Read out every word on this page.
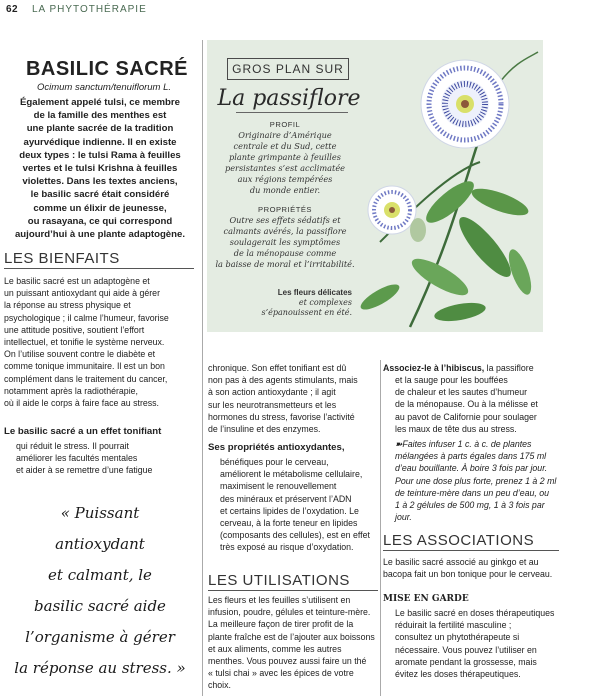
62 LA PHYTOTHÉRAPIE
BASILIC SACRÉ
Ocimum sanctum/tenuiflorum L.
Également appelé tulsi, ce membre
de la famille des menthes est
une plante sacrée de la tradition
ayurvédique indienne. Il en existe
deux types : le tulsi Rama à feuilles
vertes et le tulsi Krishna à feuilles
violettes. Dans les textes anciens,
le basilic sacré était considéré
comme un élixir de jeunesse,
ou rasayana, ce qui correspond
aujourd’hui à une plante adaptogène.
LES BIENFAITS
Le basilic sacré est un adaptogène et
un puissant antioxydant qui aide à gérer
la réponse au stress physique et
psychologique ; il calme l’humeur, favorise
une attitude positive, soutient l’effort
intellectuel, et tonifie le système nerveux.
On l’utilise souvent contre le diabète et
comme tonique immunitaire. Il est un bon
complément dans le traitement du cancer,
notamment après la radiothérapie,
où il aide le corps à faire face au stress.
Le basilic sacré a un effet tonifiant
qui réduit le stress. Il pourrait
améliorer les facultés mentales
et aider à se remettre d’une fatigue
« Puissant
antioxydant
et calmant, le
basilic sacré aide
l’organisme à gérer
la réponse au stress. »
GROS PLAN SUR
La passiflore
PROFIL
Originaire d’Amérique
centrale et du Sud, cette
plante grimpante à feuilles
persistantes s’est acclimatée
aux régions tempérées
du monde entier.
PROPRIÉTÉS
Outre ses effets sédatifs et
calmants avérés, la passiflore
soulagerait les symptômes
de la ménopause comme
la baisse de moral et l’irritabilité.
Les fleurs délicates
et complexes
s’épanouissent en été.
chronique. Son effet tonifiant est dû
non pas à des agents stimulants, mais
à son action antioxydante ; il agit
sur les neurotransmetteurs et les
hormones du stress, favorise l’activité
de l’insuline et des enzymes.
Ses propriétés antioxydantes,
bénéfiques pour le cerveau,
améliorent le métabolisme cellulaire,
maximisent le renouvellement
des minéraux et préservent l’ADN
et certains lipides de l’oxydation. Le
cerveau, à la forte teneur en lipides
(composants des cellules), est en effet
très exposé au risque d’oxydation.
LES UTILISATIONS
Les fleurs et les feuilles s’utilisent en
infusion, poudre, gélules et teinture-mère.
La meilleure façon de tirer profit de la
plante fraîche est de l’ajouter aux boissons
et aux aliments, comme les autres
menthes. Vous pouvez aussi faire un thé
« tulsi chai » avec les épices de votre choix.
Associez-le à l’hibiscus, la passiflore
et la sauge pour les bouffées
de chaleur et les sautes d’humeur
de la ménopause. Ou à la mélisse et
au pavot de Californie pour soulager
les maux de tête dus au stress.
➽Faites infuser 1 c. à c. de plantes
mélangées à parts égales dans 175 ml
d’eau bouillante. À boire 3 fois par jour.
Pour une dose plus forte, prenez 1 à 2 ml
de teinture-mère dans un peu d’eau, ou
1 à 2 gélules de 500 mg, 1 à 3 fois par jour.
LES ASSOCIATIONS
Le basilic sacré associé au ginkgo et au
bacopa fait un bon tonique pour le cerveau.
MISE EN GARDE
Le basilic sacré en doses thérapeutiques
réduirait la fertilité masculine ;
consultez un phytothérapeute si
nécessaire. Vous pouvez l’utiliser en
aromate pendant la grossesse, mais
évitez les doses thérapeutiques.
